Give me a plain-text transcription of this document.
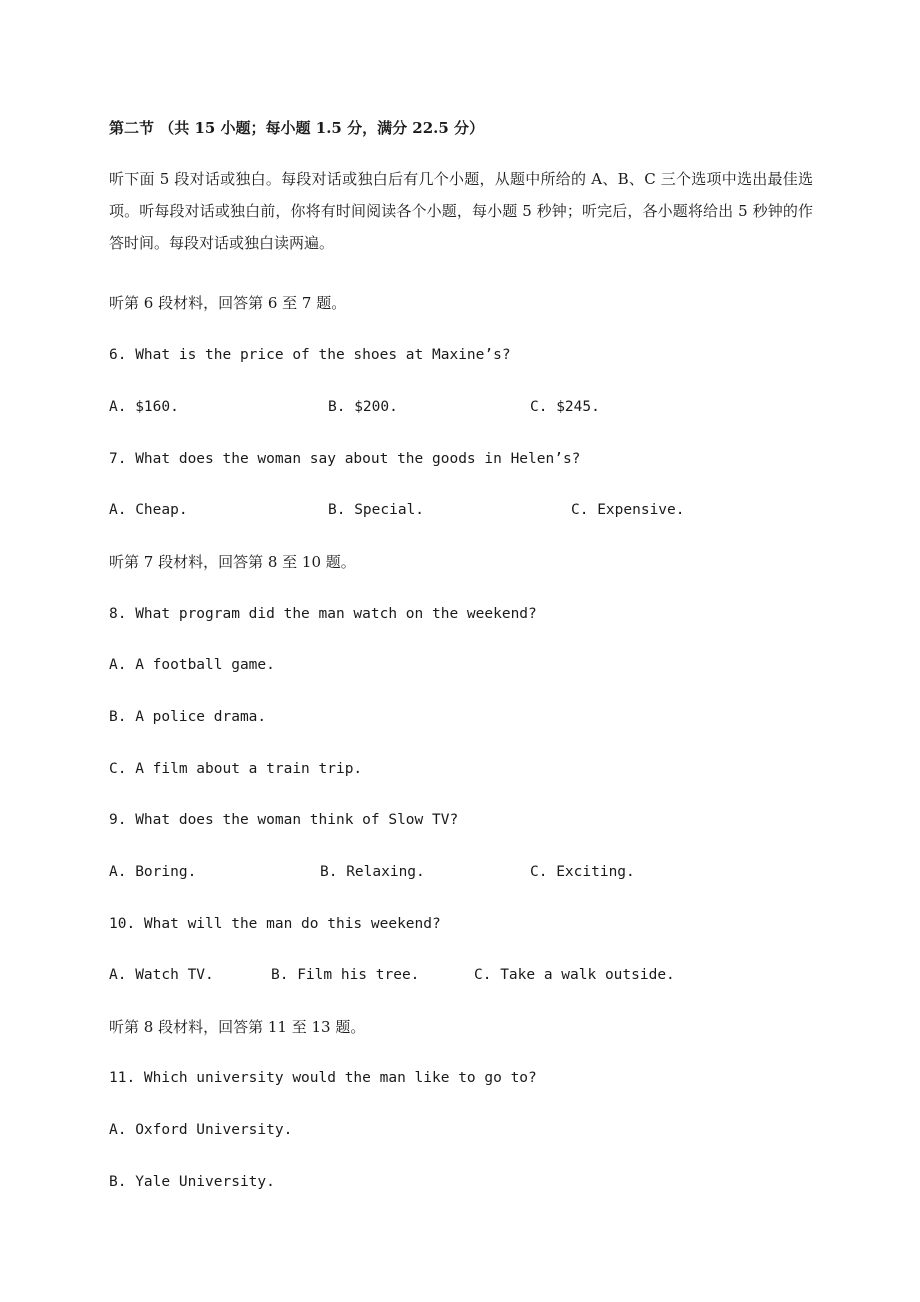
第二节 （共 15 小题；每小题 1.5 分，满分 22.5 分）
听下面 5 段对话或独白。每段对话或独白后有几个小题，从题中所给的 A、B、C 三个选项中选出最佳选项。听每段对话或独白前，你将有时间阅读各个小题，每小题 5 秒钟；听完后，各小题将给出 5 秒钟的作答时间。每段对话或独白读两遍。
听第 6 段材料，回答第 6 至 7 题。
6. What is the price of the shoes at Maxine’s?
A. $160.	B. $200.	C. $245.
7. What does the woman say about the goods in Helen’s?
A. Cheap.	B. Special.	C. Expensive.
听第 7 段材料，回答第 8 至 10 题。
8. What program did the man watch on the weekend?
A. A football game.
B. A police drama.
C. A film about a train trip.
9. What does the woman think of Slow TV?
A. Boring.	B. Relaxing.	C. Exciting.
10. What will the man do this weekend?
A. Watch TV.	B. Film his tree.	C. Take a walk outside.
听第 8 段材料，回答第 11 至 13 题。
11. Which university would the man like to go to?
A. Oxford University.
B. Yale University.
